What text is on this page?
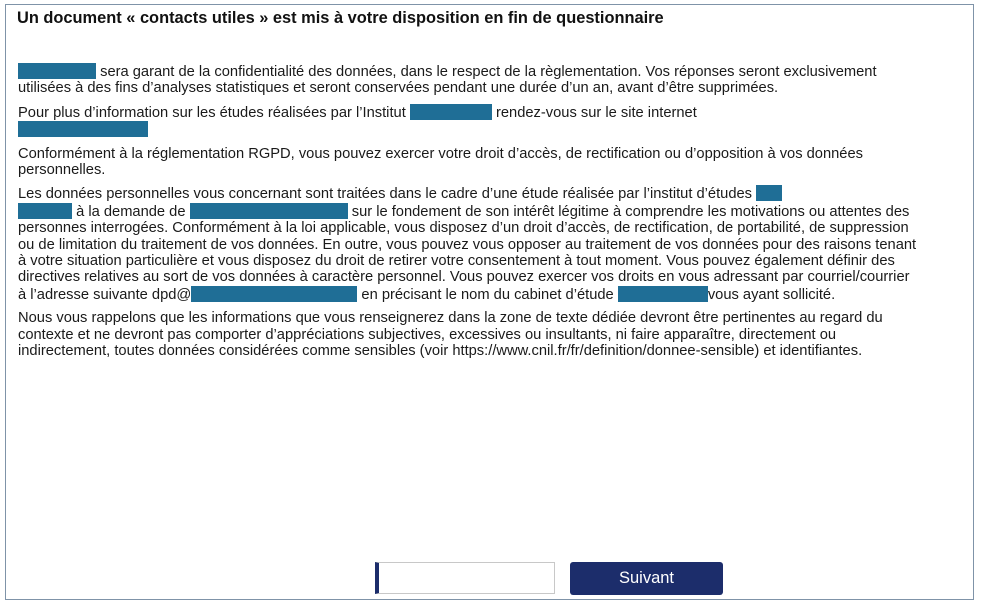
Un document « contacts utiles » est mis à votre disposition en fin de questionnaire

sera garant de la confidentialité des données, dans le respect de la règlementation. Vos réponses seront exclusivement utilisées à des fins d’analyses statistiques et seront conservées pendant une durée d’un an, avant d’être supprimées.

Pour plus d’information sur les études réalisées par l’Institut	rendez-vous sur le site internet

Conformément à la réglementation RGPD, vous pouvez exercer votre droit d’accès, de rectification ou d’opposition à vos données personnelles.

Les données personnelles vous concernant sont traitées dans le cadre d’une étude réalisée par l’institut d’études
à la demande de	sur le fondement de son intérêt légitime à comprendre les motivations ou attentes des personnes interrogées. Conformément à la loi applicable, vous disposez d’un droit d’accès, de rectification, de portabilité, de suppression ou de limitation du traitement de vos données. En outre, vous pouvez vous opposer au traitement de vos données pour des raisons tenant à votre situation particulière et vous disposez du droit de retirer votre consentement à tout moment. Vous pouvez également définir des directives relatives au sort de vos données à caractère personnel. Vous pouvez exercer vos droits en vous adressant par courriel/courrier à l’adresse suivante dpd@	en précisant le nom du cabinet d’étude	vous ayant sollicité.

Nous vous rappelons que les informations que vous renseignerez dans la zone de texte dédiée devront être pertinentes au regard du contexte et ne devront pas comporter d’appréciations subjectives, excessives ou insultants, ni faire apparaître, directement ou indirectement, toutes données considérées comme sensibles (voir https://www.cnil.fr/fr/definition/donnee-sensible) et identifiantes.

Suivant
